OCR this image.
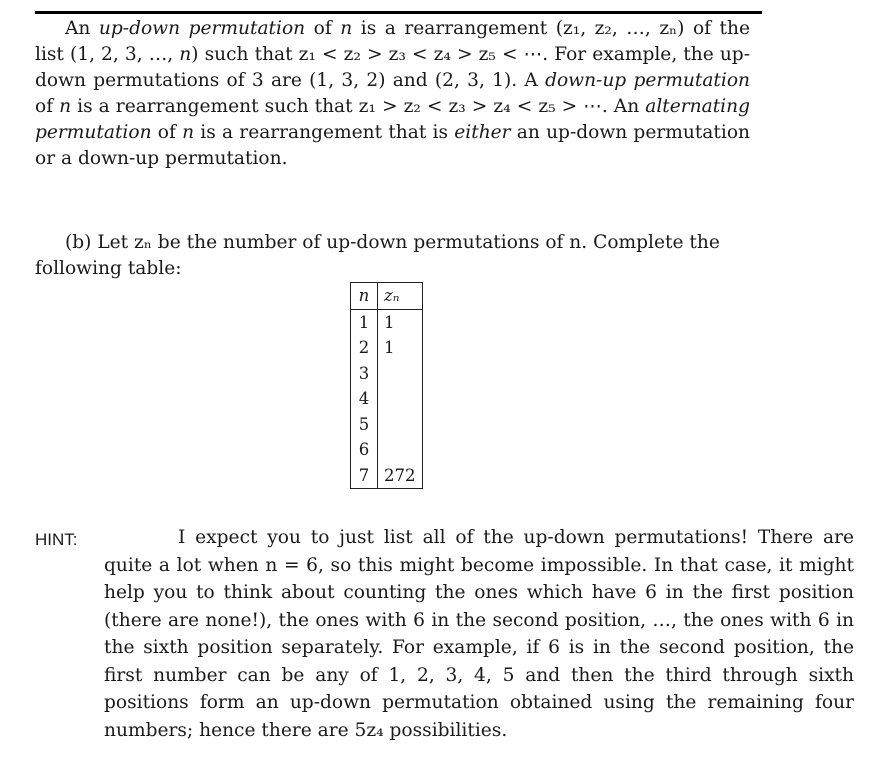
An up-down permutation of n is a rearrangement (z₁, z₂, …, zₙ) of the list (1, 2, 3, …, n) such that z₁ < z₂ > z₃ < z₄ > z₅ < ⋯. For example, the up-down permutations of 3 are (1, 3, 2) and (2, 3, 1). A down-up permutation of n is a rearrangement such that z₁ > z₂ < z₃ > z₄ < z₅ > ⋯. An alternating permutation of n is a rearrangement that is either an up-down permutation or a down-up permutation.
(b) Let zₙ be the number of up-down permutations of n. Complete the following table:
n	zₙ
1	1
2	1
3	
4	
5	
6	
7	272
HINT:	I expect you to just list all of the up-down permutations! There are quite a lot when n = 6, so this might become impossible. In that case, it might help you to think about counting the ones which have 6 in the first position (there are none!), the ones with 6 in the second position, …, the ones with 6 in the sixth position separately. For example, if 6 is in the second position, the first number can be any of 1, 2, 3, 4, 5 and then the third through sixth positions form an up-down permutation obtained using the remaining four numbers; hence there are 5z₄ possibilities.
